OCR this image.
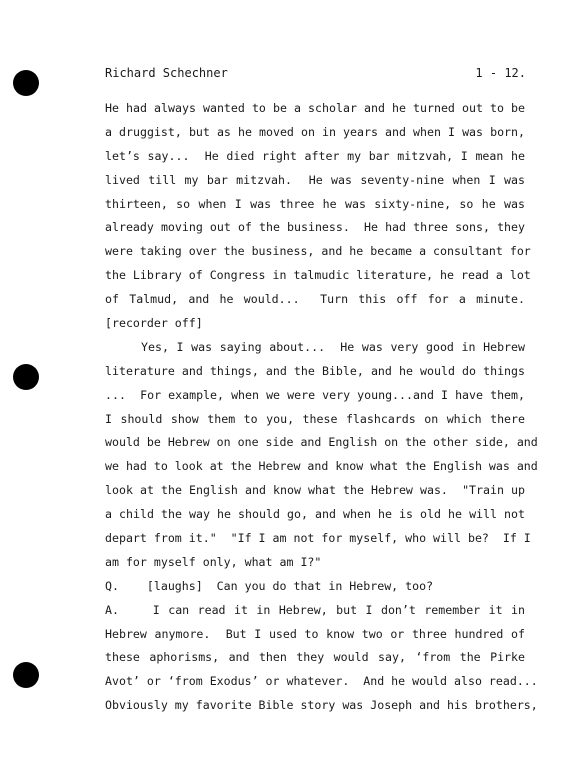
Richard Schechner	1 - 12.
He had always wanted to be a scholar and he turned out to be
a druggist, but as he moved on in years and when I was born,
let’s say...  He died right after my bar mitzvah, I mean he
lived till my bar mitzvah.  He was seventy-nine when I was
thirteen, so when I was three he was sixty-nine, so he was
already moving out of the business.  He had three sons, they
were taking over the business, and he became a consultant for
the Library of Congress in talmudic literature, he read a lot
of Talmud, and he would...  Turn this off for a minute.
[recorder off]
Yes, I was saying about...  He was very good in Hebrew
literature and things, and the Bible, and he would do things
...  For example, when we were very young...and I have them,
I should show them to you, these flashcards on which there
would be Hebrew on one side and English on the other side, and
we had to look at the Hebrew and know what the English was and
look at the English and know what the Hebrew was.  "Train up
a child the way he should go, and when he is old he will not
depart from it."  "If I am not for myself, who will be?  If I
am for myself only, what am I?"
Q.    [laughs]  Can you do that in Hebrew, too?
A.    I can read it in Hebrew, but I don’t remember it in
Hebrew anymore.  But I used to know two or three hundred of
these aphorisms, and then they would say, ‘from the Pirke
Avot’ or ‘from Exodus’ or whatever.  And he would also read...
Obviously my favorite Bible story was Joseph and his brothers,
